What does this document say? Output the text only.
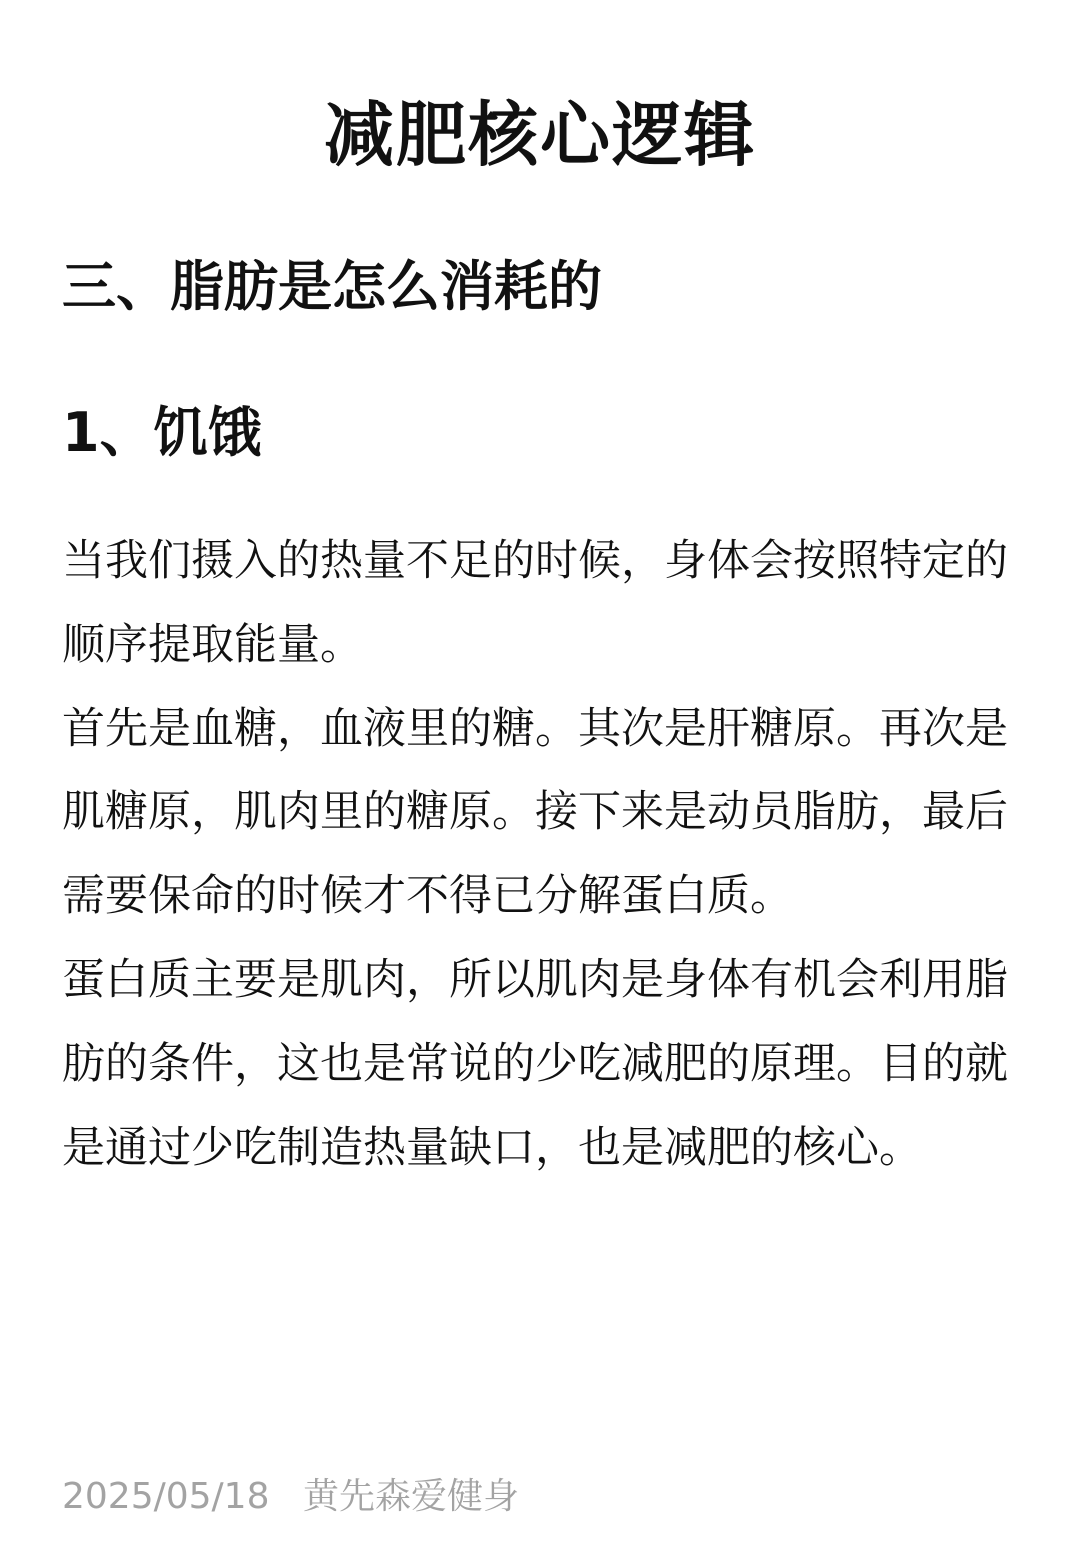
减肥核心逻辑
三、脂肪是怎么消耗的
1、饥饿

当我们摄入的热量不足的时候，身体会按照特定的顺序提取能量。

首先是血糖，血液里的糖。其次是肝糖原。再次是肌糖原，肌肉里的糖原。接下来是动员脂肪，最后需要保命的时候才不得已分解蛋白质。

蛋白质主要是肌肉，所以肌肉是身体有机会利用脂肪的条件，这也是常说的少吃减肥的原理。目的就是通过少吃制造热量缺口，也是减肥的核心。

2025/05/18 黄先森爱健身
